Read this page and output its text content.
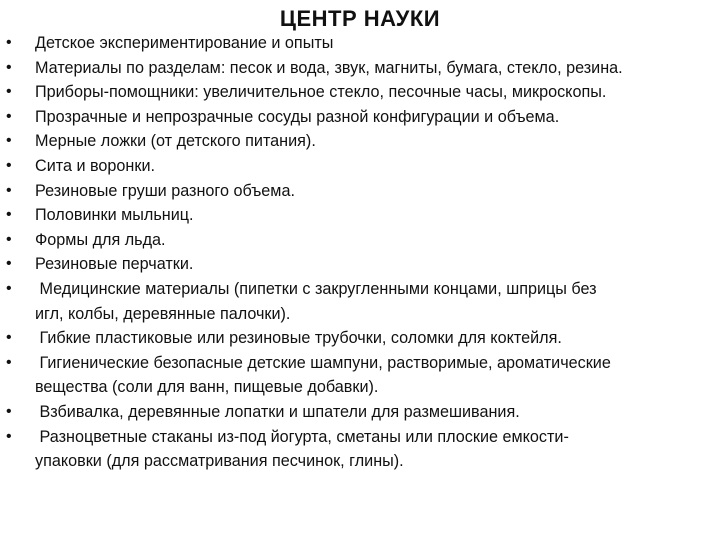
ЦЕНТР НАУКИ
• Детское экспериментирование и опыты
• Материалы по разделам: песок и вода, звук, магниты, бумага, стекло, резина.
• Приборы-помощники: увеличительное стекло, песочные часы, микроскопы.
• Прозрачные и непрозрачные сосуды разной конфигурации и объема.
• Мерные ложки (от детского питания).
• Сита и воронки.
• Резиновые груши разного объема.
• Половинки мыльниц.
• Формы для льда.
• Резиновые перчатки.
• Медицинские материалы (пипетки с закругленными концами, шприцы без
игл, колбы, деревянные палочки).
• Гибкие пластиковые или резиновые трубочки, соломки для коктейля.
• Гигиенические безопасные детские шампуни, растворимые, ароматические
вещества (соли для ванн, пищевые добавки).
• Взбивалка, деревянные лопатки и шпатели для размешивания.
• Разноцветные стаканы из-под йогурта, сметаны или плоские емкости-
упаковки (для рассматривания песчинок, глины).
